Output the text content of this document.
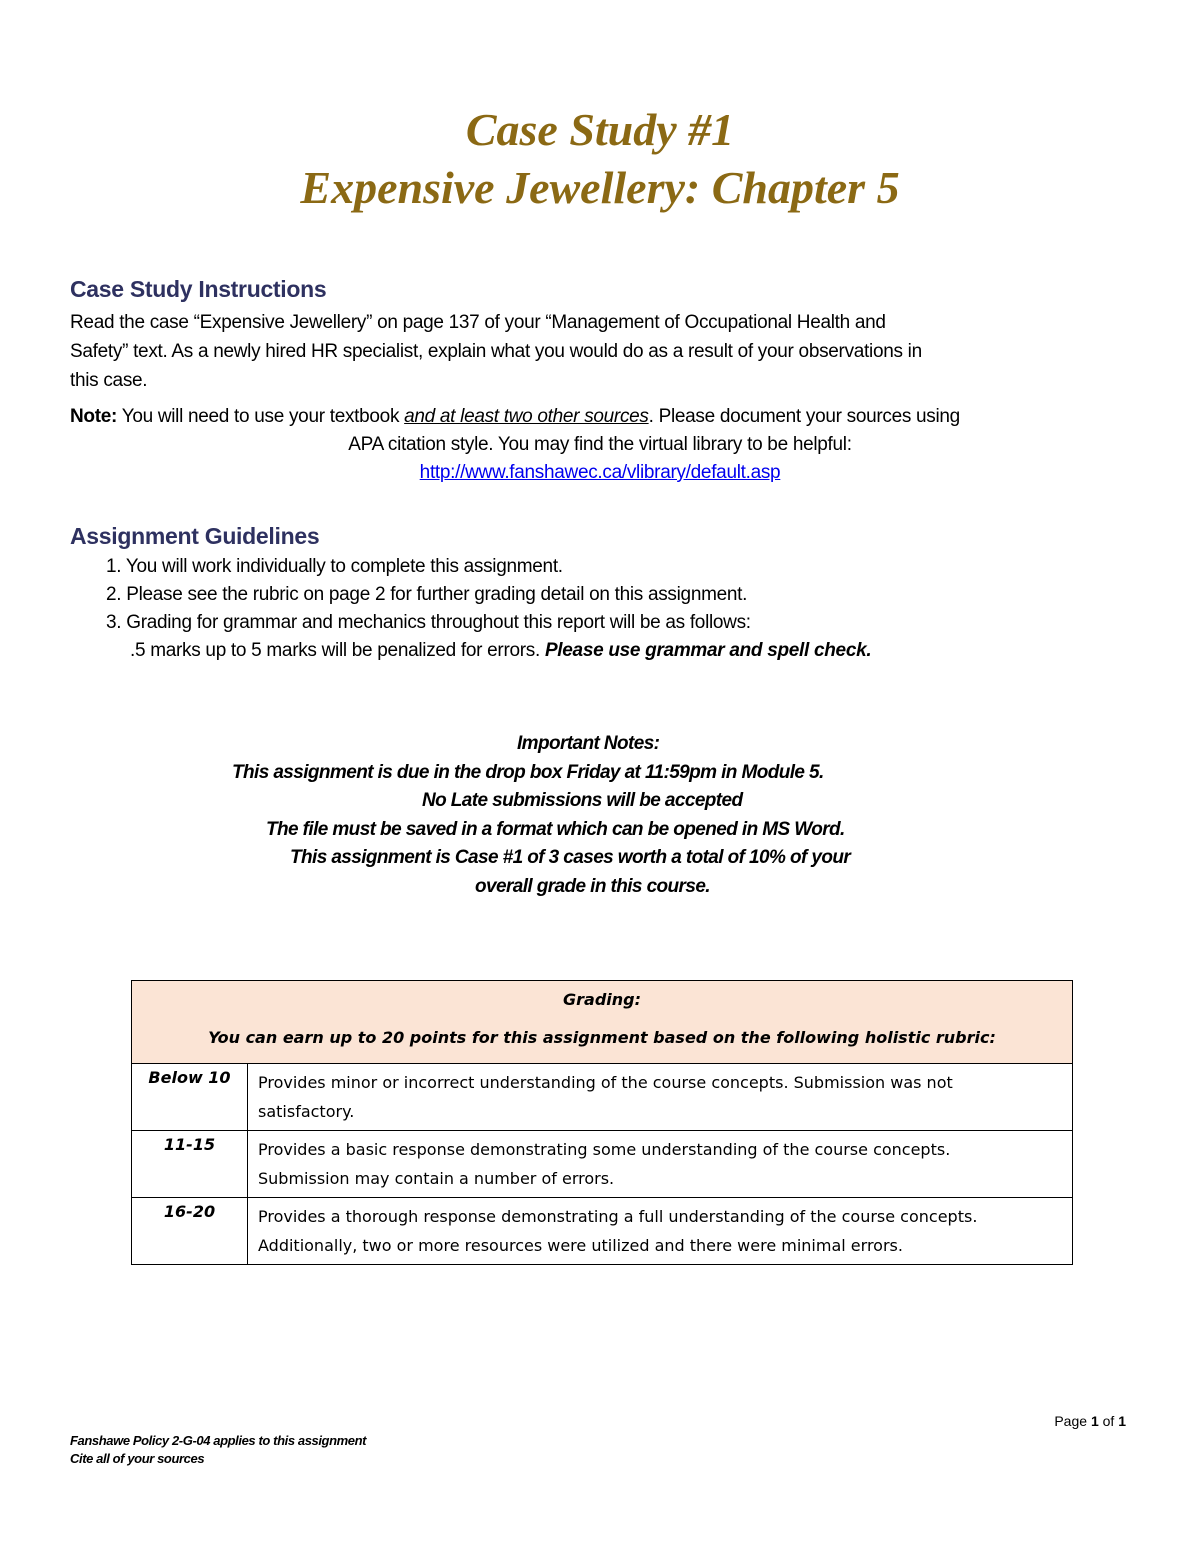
Case Study #1
Expensive Jewellery: Chapter 5
Case Study Instructions
Read the case “Expensive Jewellery” on page 137 of your “Management of Occupational Health and
Safety” text. As a newly hired HR specialist, explain what you would do as a result of your observations in
this case.
Note: You will need to use your textbook and at least two other sources. Please document your sources using
APA citation style. You may find the virtual library to be helpful:
http://www.fanshawec.ca/vlibrary/default.asp
Assignment Guidelines
1. You will work individually to complete this assignment.
2. Please see the rubric on page 2 for further grading detail on this assignment.
3. Grading for grammar and mechanics throughout this report will be as follows:
.5 marks up to 5 marks will be penalized for errors. Please use grammar and spell check.
Important Notes:
This assignment is due in the drop box Friday at 11:59pm in Module 5.
No Late submissions will be accepted
The file must be saved in a format which can be opened in MS Word.
This assignment is Case #1 of 3 cases worth a total of 10% of your
overall grade in this course.
Grading:
You can earn up to 20 points for this assignment based on the following holistic rubric:	

Below 10	Provides minor or incorrect understanding of the course concepts. Submission was not
satisfactory.

11-15	Provides a basic response demonstrating some understanding of the course concepts.
Submission may contain a number of errors.

16-20	Provides a thorough response demonstrating a full understanding of the course concepts.
Additionally, two or more resources were utilized and there were minimal errors.
Page 1 of 1
Fanshawe Policy 2-G-04 applies to this assignment
Cite all of your sources
